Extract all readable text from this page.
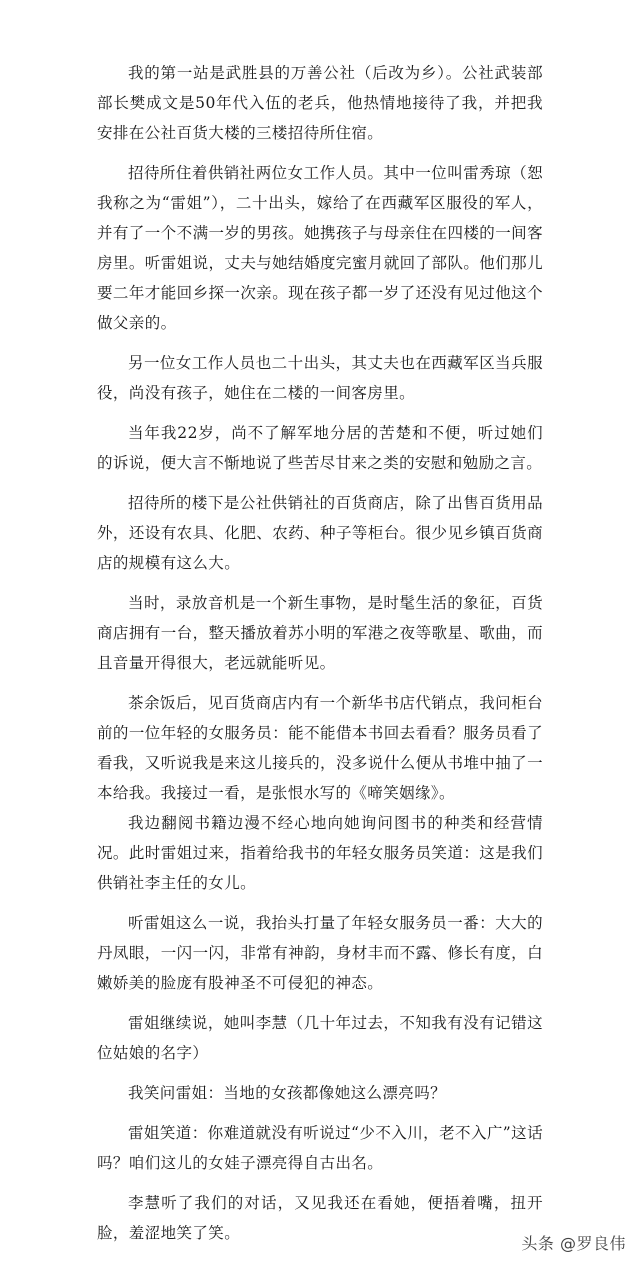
我的第一站是武胜县的万善公社（后改为乡）。公社武装部部长樊成文是50年代入伍的老兵，他热情地接待了我，并把我安排在公社百货大楼的三楼招待所住宿。

招待所住着供销社两位女工作人员。其中一位叫雷秀琼（恕我称之为“雷姐”），二十出头，嫁给了在西藏军区服役的军人，并有了一个不满一岁的男孩。她携孩子与母亲住在四楼的一间客房里。听雷姐说，丈夫与她结婚度完蜜月就回了部队。他们那儿要二年才能回乡探一次亲。现在孩子都一岁了还没有见过他这个做父亲的。

另一位女工作人员也二十出头，其丈夫也在西藏军区当兵服役，尚没有孩子，她住在二楼的一间客房里。

当年我22岁，尚不了解军地分居的苦楚和不便，听过她们的诉说，便大言不惭地说了些苦尽甘来之类的安慰和勉励之言。

招待所的楼下是公社供销社的百货商店，除了出售百货用品外，还设有农具、化肥、农药、种子等柜台。很少见乡镇百货商店的规模有这么大。

当时，录放音机是一个新生事物，是时髦生活的象征，百货商店拥有一台，整天播放着苏小明的军港之夜等歌星、歌曲，而且音量开得很大，老远就能听见。

茶余饭后，见百货商店内有一个新华书店代销点，我问柜台前的一位年轻的女服务员：能不能借本书回去看看？服务员看了看我，又听说我是来这儿接兵的，没多说什么便从书堆中抽了一本给我。我接过一看，是张恨水写的《啼笑姻缘》。

我边翻阅书籍边漫不经心地向她询问图书的种类和经营情况。此时雷姐过来，指着给我书的年轻女服务员笑道：这是我们供销社李主任的女儿。

听雷姐这么一说，我抬头打量了年轻女服务员一番：大大的丹凤眼，一闪一闪，非常有神韵，身材丰而不露、修长有度，白嫩娇美的脸庞有股神圣不可侵犯的神态。

雷姐继续说，她叫李慧（几十年过去，不知我有没有记错这位姑娘的名字）

我笑问雷姐：当地的女孩都像她这么漂亮吗？

雷姐笑道：你难道就没有听说过“少不入川，老不入广”这话吗？咱们这儿的女娃子漂亮得自古出名。

李慧听了我们的对话，又见我还在看她，便捂着嘴，扭开脸，羞涩地笑了笑。

头条 @罗良伟
